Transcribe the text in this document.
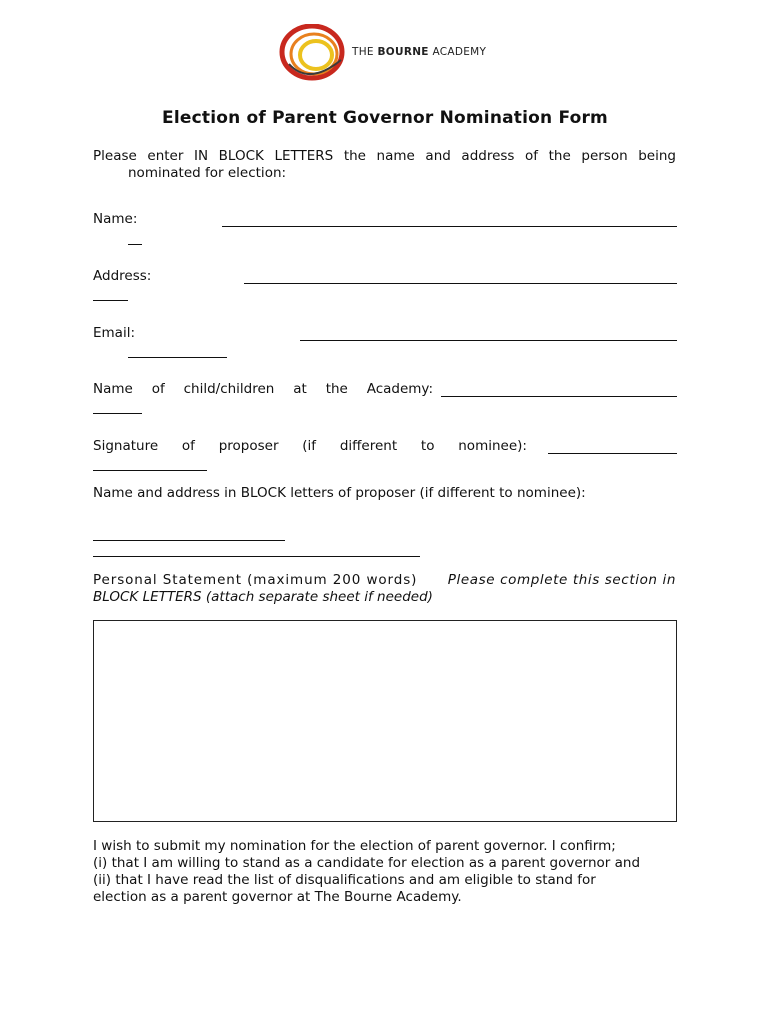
THE BOURNE ACADEMY
Election of Parent Governor Nomination Form
Please enter IN BLOCK LETTERS the name and address of the person being
nominated for election:
Name:
Address:
Email:
Name of child/children at the Academy:
Signature of proposer (if different to nominee):
Name and address in BLOCK letters of proposer (if different to nominee):
Personal Statement (maximum 200 words) Please complete this section in
BLOCK LETTERS (attach separate sheet if needed)
I wish to submit my nomination for the election of parent governor. I confirm;
(i) that I am willing to stand as a candidate for election as a parent governor and
(ii) that I have read the list of disqualifications and am eligible to stand for
election as a parent governor at The Bourne Academy.
